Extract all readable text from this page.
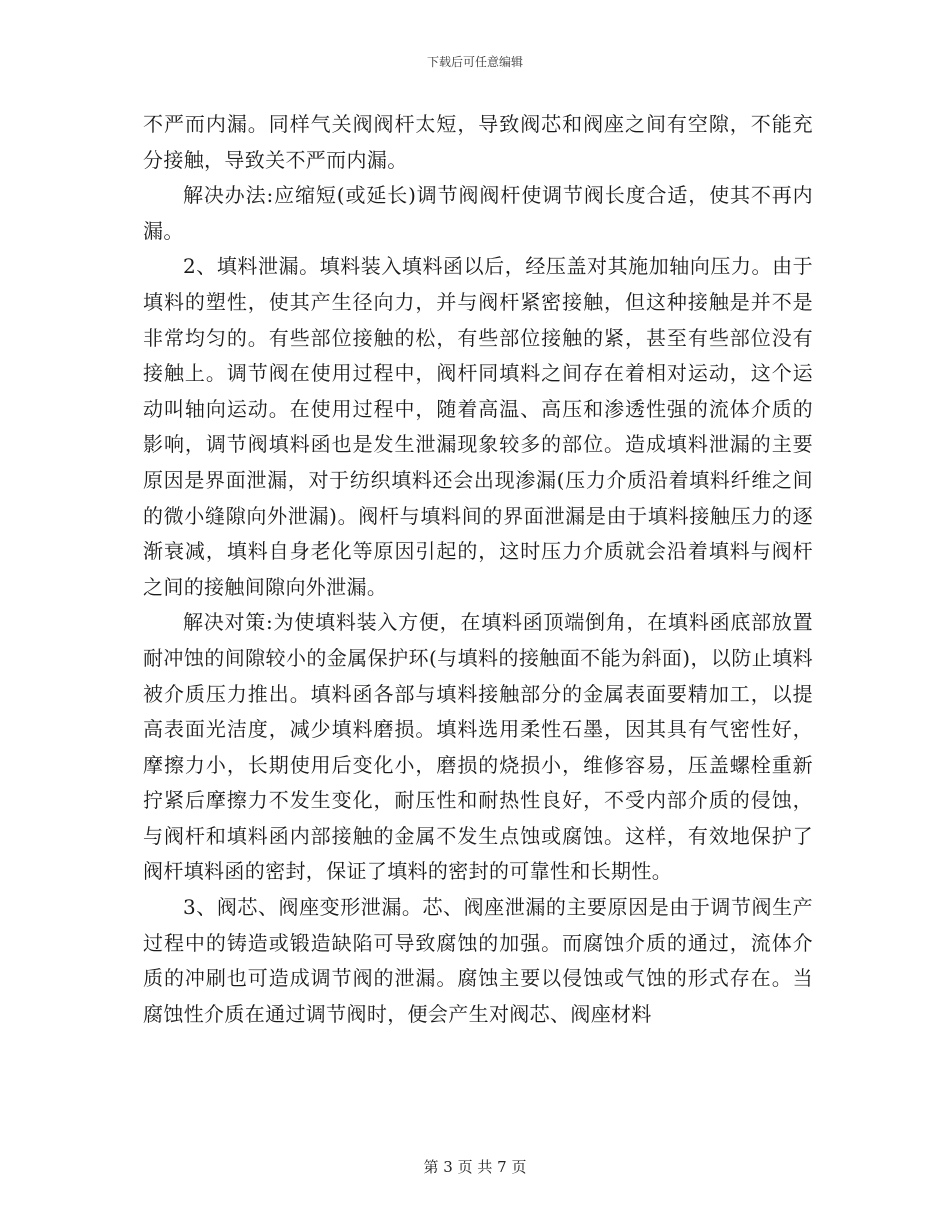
下载后可任意编辑

不严而内漏。同样气关阀阀杆太短，导致阀芯和阀座之间有空隙，不能充分接触，导致关不严而内漏。

解决办法:应缩短(或延长)调节阀阀杆使调节阀长度合适，使其不再内漏。

2、填料泄漏。填料装入填料函以后，经压盖对其施加轴向压力。由于填料的塑性，使其产生径向力，并与阀杆紧密接触，但这种接触是并不是非常均匀的。有些部位接触的松，有些部位接触的紧，甚至有些部位没有接触上。调节阀在使用过程中，阀杆同填料之间存在着相对运动，这个运动叫轴向运动。在使用过程中，随着高温、高压和渗透性强的流体介质的影响，调节阀填料函也是发生泄漏现象较多的部位。造成填料泄漏的主要原因是界面泄漏，对于纺织填料还会出现渗漏(压力介质沿着填料纤维之间的微小缝隙向外泄漏)。阀杆与填料间的界面泄漏是由于填料接触压力的逐渐衰减，填料自身老化等原因引起的，这时压力介质就会沿着填料与阀杆之间的接触间隙向外泄漏。

解决对策:为使填料装入方便，在填料函顶端倒角，在填料函底部放置耐冲蚀的间隙较小的金属保护环(与填料的接触面不能为斜面)，以防止填料被介质压力推出。填料函各部与填料接触部分的金属表面要精加工，以提高表面光洁度，减少填料磨损。填料选用柔性石墨，因其具有气密性好，摩擦力小，长期使用后变化小，磨损的烧损小，维修容易，压盖螺栓重新拧紧后摩擦力不发生变化，耐压性和耐热性良好，不受内部介质的侵蚀，与阀杆和填料函内部接触的金属不发生点蚀或腐蚀。这样，有效地保护了阀杆填料函的密封，保证了填料的密封的可靠性和长期性。

3、阀芯、阀座变形泄漏。芯、阀座泄漏的主要原因是由于调节阀生产过程中的铸造或锻造缺陷可导致腐蚀的加强。而腐蚀介质的通过，流体介质的冲刷也可造成调节阀的泄漏。腐蚀主要以侵蚀或气蚀的形式存在。当腐蚀性介质在通过调节阀时，便会产生对阀芯、阀座材料

第 3 页 共 7 页
